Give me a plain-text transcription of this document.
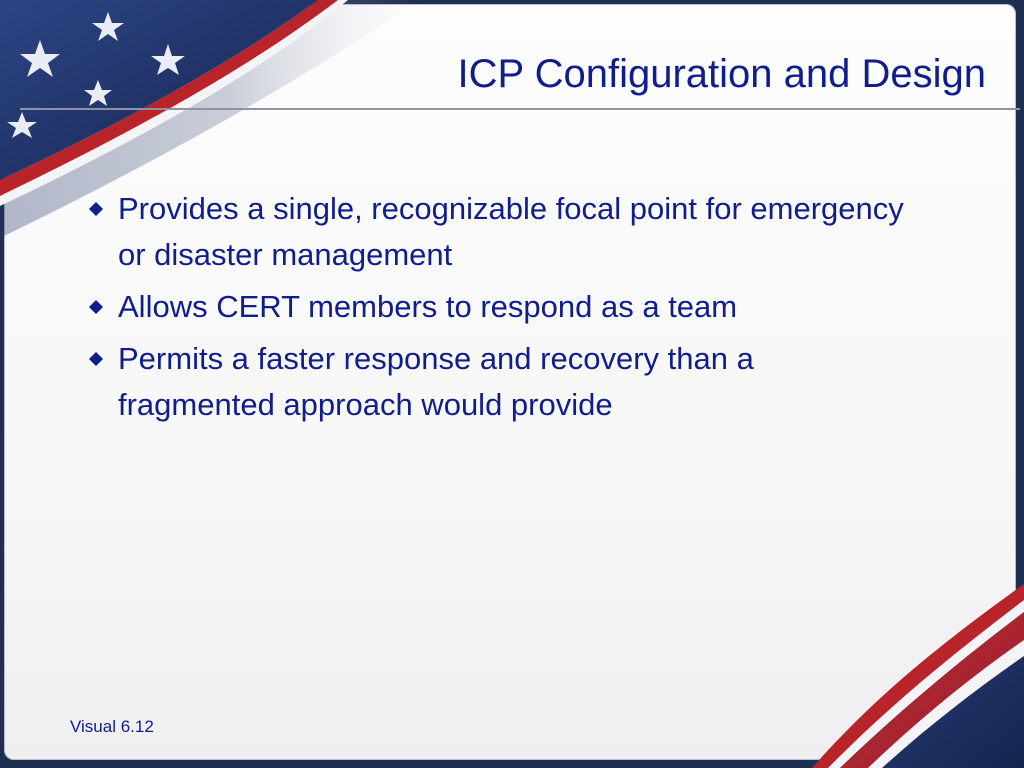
ICP Configuration and Design
Provides a single, recognizable focal point for emergency or disaster management
Allows CERT members to respond as a team
Permits a faster response and recovery than a fragmented approach would provide
Visual 6.12
